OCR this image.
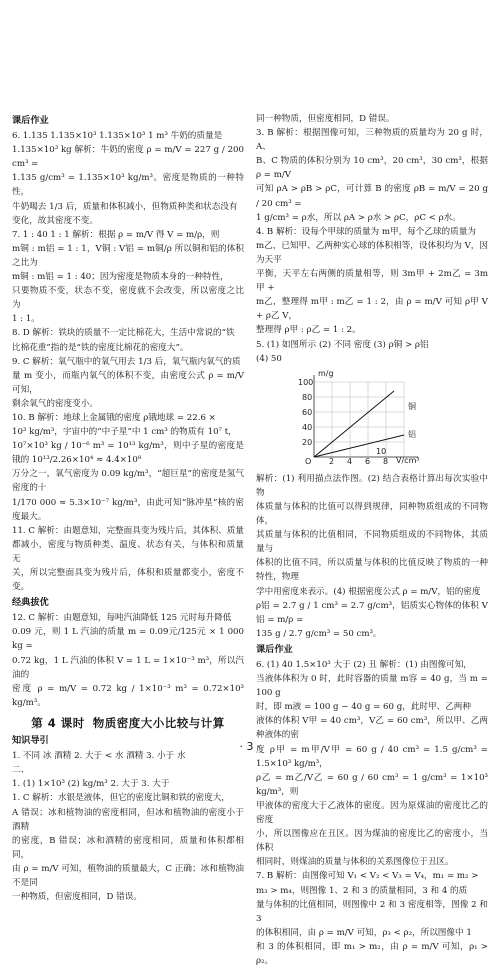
课后作业

6. 1.135 1.135×10³ 1.135×10³ 1 m³ 牛奶的质量是

1.135×10³ kg 解析：牛奶的密度 ρ = m/V = 227 g / 200 cm³ =

1.135 g/cm³ = 1.135×10³ kg/m³。密度是物质的一种特性，

牛奶喝去 1/3 后，质量和体积减小，但物质种类和状态没有

变化，故其密度不变。

7. 1 : 40 1 : 1 解析：根据 ρ = m/V 得 V = m/ρ，则

m铜 : m铝 = 1 : 1，V铜 : V铝 = m铜/ρ 所以铜和铝的体积之比为

m铜 : m铝 = 1 : 40；因为密度是物质本身的一种特性，

只要物质不变，状态不变，密度就不会改变，所以密度之比为

1 : 1。

8. D 解析：铁块的质量不一定比棉花大，生活中常说的“铁

比棉花重”指的是“铁的密度比棉花的密度大”。

9. C 解析：氧气瓶中的氧气用去 1/3 后，氧气瓶内氧气的质

量 m 变小，而瓶内氧气的体积不变，由密度公式 ρ = m/V 可知，

剩余氧气的密度变小。

10. B 解析：地球上金属锇的密度 ρ锇地球 = 22.6 ×

10³ kg/m³，宇宙中的“中子星”中 1 cm³ 的物质有 10⁷ t，

10⁷×10³ kg / 10⁻⁶ m³ = 10¹³ kg/m³，则中子星的密度是锇的 10¹³/2.26×10⁴ ≈ 4.4×10⁸

万分之一，氧气密度为 0.09 kg/m³，“超巨星”的密度是氢气密度的十

1/170 000 ≈ 5.3×10⁻⁷ kg/m³，由此可知“脉冲星”核的密度最大。

11. C 解析：由题意知，完整面具变为残片后，其体积、质量

都减小，密度与物质种类、温度、状态有关，与体积和质量无

关，所以完整面具变为残片后，体积和质量都变小，密度不变。

经典拔优

12. C 解析：由题意知，每吨汽油降低 125 元时每升降低

0.09 元，则 1 L 汽油的质量 m = 0.09元/125元 × 1 000 kg =

0.72 kg，1 L 汽油的体积 V = 1 L = 1×10⁻³ m³，所以汽油的

密度 ρ = m/V = 0.72 kg / 1×10⁻³ m³ = 0.72×10³ kg/m³。

第 4 课时 物质密度大小比较与计算
知识导引

1. 不同 冰 酒精 2. 大于 < 水 酒精 3. 小于 水

二、

1. (1) 1×10³ (2) kg/m³ 2. 大于 3. 大于

1. C 解析：水银是液体，但它的密度比铜和铁的密度大，

A 错误；冰和植物油的密度相同，但冰和植物油的密度小于酒精

的密度，B 错误；冰和酒精的密度相同，质量和体积都相同，

由 ρ = m/V 可知，植物油的质量最大，C 正确；冰和植物油不是同

一种物质，但密度相同，D 错误。

同一种物质，但密度相同，D 错误。

3. B 解析：根据图像可知，三种物质的质量均为 20 g 时，A、

B、C 物质的体积分别为 10 cm³，20 cm³，30 cm³，根据 ρ = m/V

可知 ρA > ρB > ρC，可计算 B 的密度 ρB = m/V = 20 g / 20 cm³ =

1 g/cm³ = ρ水，所以 ρA > ρ水 > ρC，ρC < ρ水。

4. B 解析：设每个甲球的质量为 m甲，每个乙球的质量为

m乙，已知甲、乙两种实心球的体积相等，设体积均为 V，因为天平

平衡，天平左右两侧的质量相等，则 3m甲 + 2m乙 = 3m甲 +

m乙，整理得 m甲 : m乙 = 1 : 2，由 ρ = m/V 可知 ρ甲 V + ρ乙 V，

整理得 ρ甲 : ρ乙 = 1 : 2。

5. (1) 如图所示 (2) 不同 密度 (3) ρ铜 > ρ铝

(4) 50

m/g
V/cm³
100
80
60
40
20
O 2 4 6 8
10
铜
铝

解析：(1) 利用描点法作图。(2) 结合表格计算出每次实验中物

体质量与体积的比值可以得到规律，同种物质组成的不同物体，

其质量与体积的比值相同，不同物质组成的不同物体，其质量与

体积的比值不同，所以质量与体积的比值反映了物质的一种特性，物理

学中用密度来表示。(4) 根据密度公式 ρ = m/V，铝的密度

ρ铝 = 2.7 g / 1 cm³ = 2.7 g/cm³，铝质实心物体的体积 V铝 = m/ρ =

135 g / 2.7 g/cm³ = 50 cm³。

课后作业

6. (1) 40 1.5×10³ 大于 (2) 丑 解析：(1) 由图像可知，

当液体体积为 0 时，此时容器的质量 m容 = 40 g，当 m = 100 g

时，即 m液 = 100 g − 40 g = 60 g，此时甲、乙两种

液体的体积 V甲 = 40 cm³，V乙 = 60 cm³，所以甲、乙两种液体的密

度 ρ甲 = m甲/V甲 = 60 g / 40 cm³ = 1.5 g/cm³ = 1.5×10³ kg/m³，

ρ乙 = m乙/V乙 = 60 g / 60 cm³ = 1 g/cm³ = 1×10³ kg/m³，则

甲液体的密度大于乙液体的密度。因为原煤油的密度比乙的密度

小，所以图像应在丑区。因为煤油的密度比乙的密度小，当体积

相同时，则煤油的质量与体积的关系图像位于丑区。

7. B 解析：由图像可知 V₁ < V₂ < V₃ = V₄，m₁ = m₂ >

m₃ > m₄，则图像 1、2 和 3 的质量相同，3 和 4 的质

量与体积的比值相同，则图像中 2 和 3 密度相等，图像 2 和 3

的体积相同，由 ρ = m/V 可知，ρ₃ < ρ₂，所以图像中 1

和 3 的体积相同，即 m₁ > m₂，由 ρ = m/V 可知，ρ₁ > ρ₂。

· 3 ·
